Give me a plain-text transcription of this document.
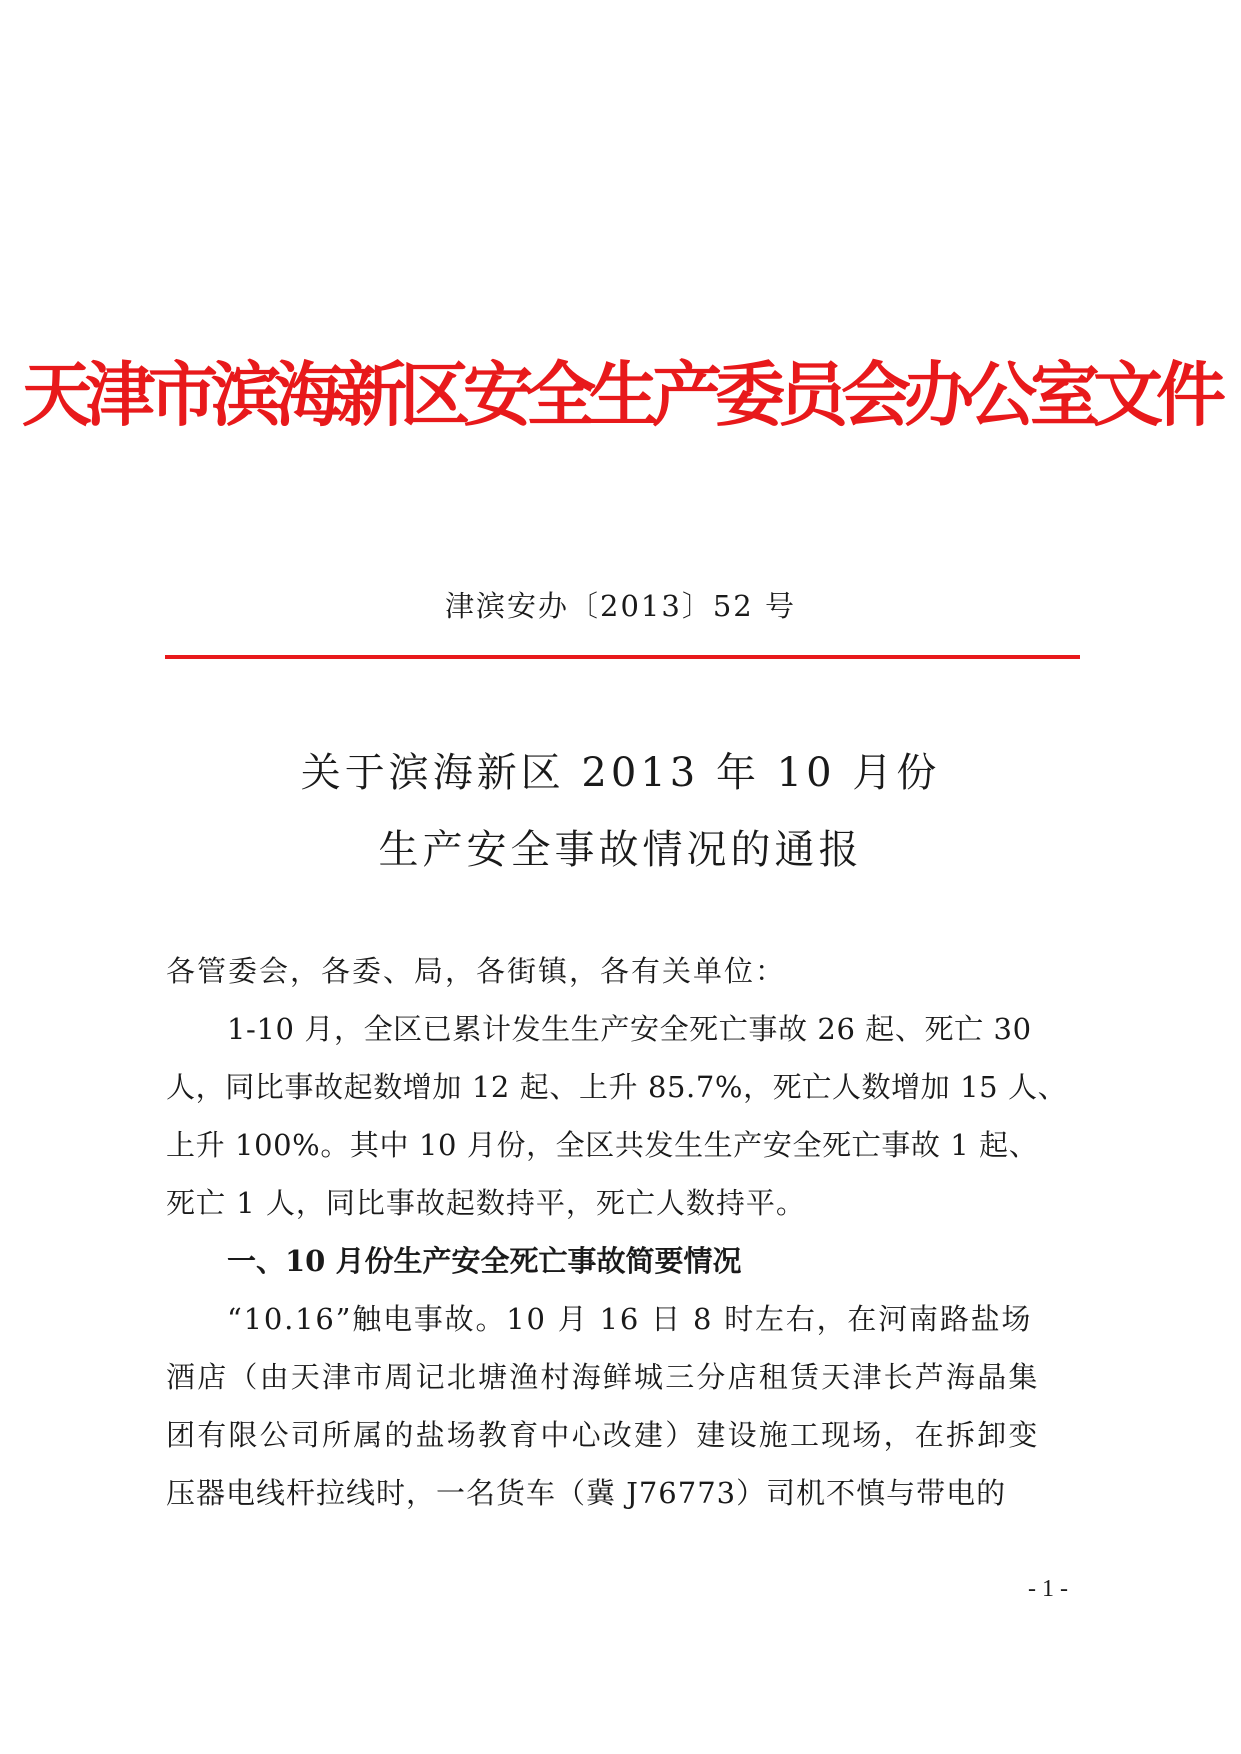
天津市滨海新区安全生产委员会办公室文件
津滨安办〔2013〕52 号
关于滨海新区 2013 年 10 月份
生产安全事故情况的通报
各管委会，各委、局，各街镇，各有关单位：
1-10 月，全区已累计发生生产安全死亡事故 26 起、死亡 30
人，同比事故起数增加 12 起、上升 85.7%，死亡人数增加 15 人、
上升 100%。其中 10 月份，全区共发生生产安全死亡事故 1 起、
死亡 1 人，同比事故起数持平，死亡人数持平。
一、10 月份生产安全死亡事故简要情况
“10.16”触电事故。10 月 16 日 8 时左右，在河南路盐场
酒店（由天津市周记北塘渔村海鲜城三分店租赁天津长芦海晶集
团有限公司所属的盐场教育中心改建）建设施工现场，在拆卸变
压器电线杆拉线时，一名货车（冀 J76773）司机不慎与带电的
- 1 -
